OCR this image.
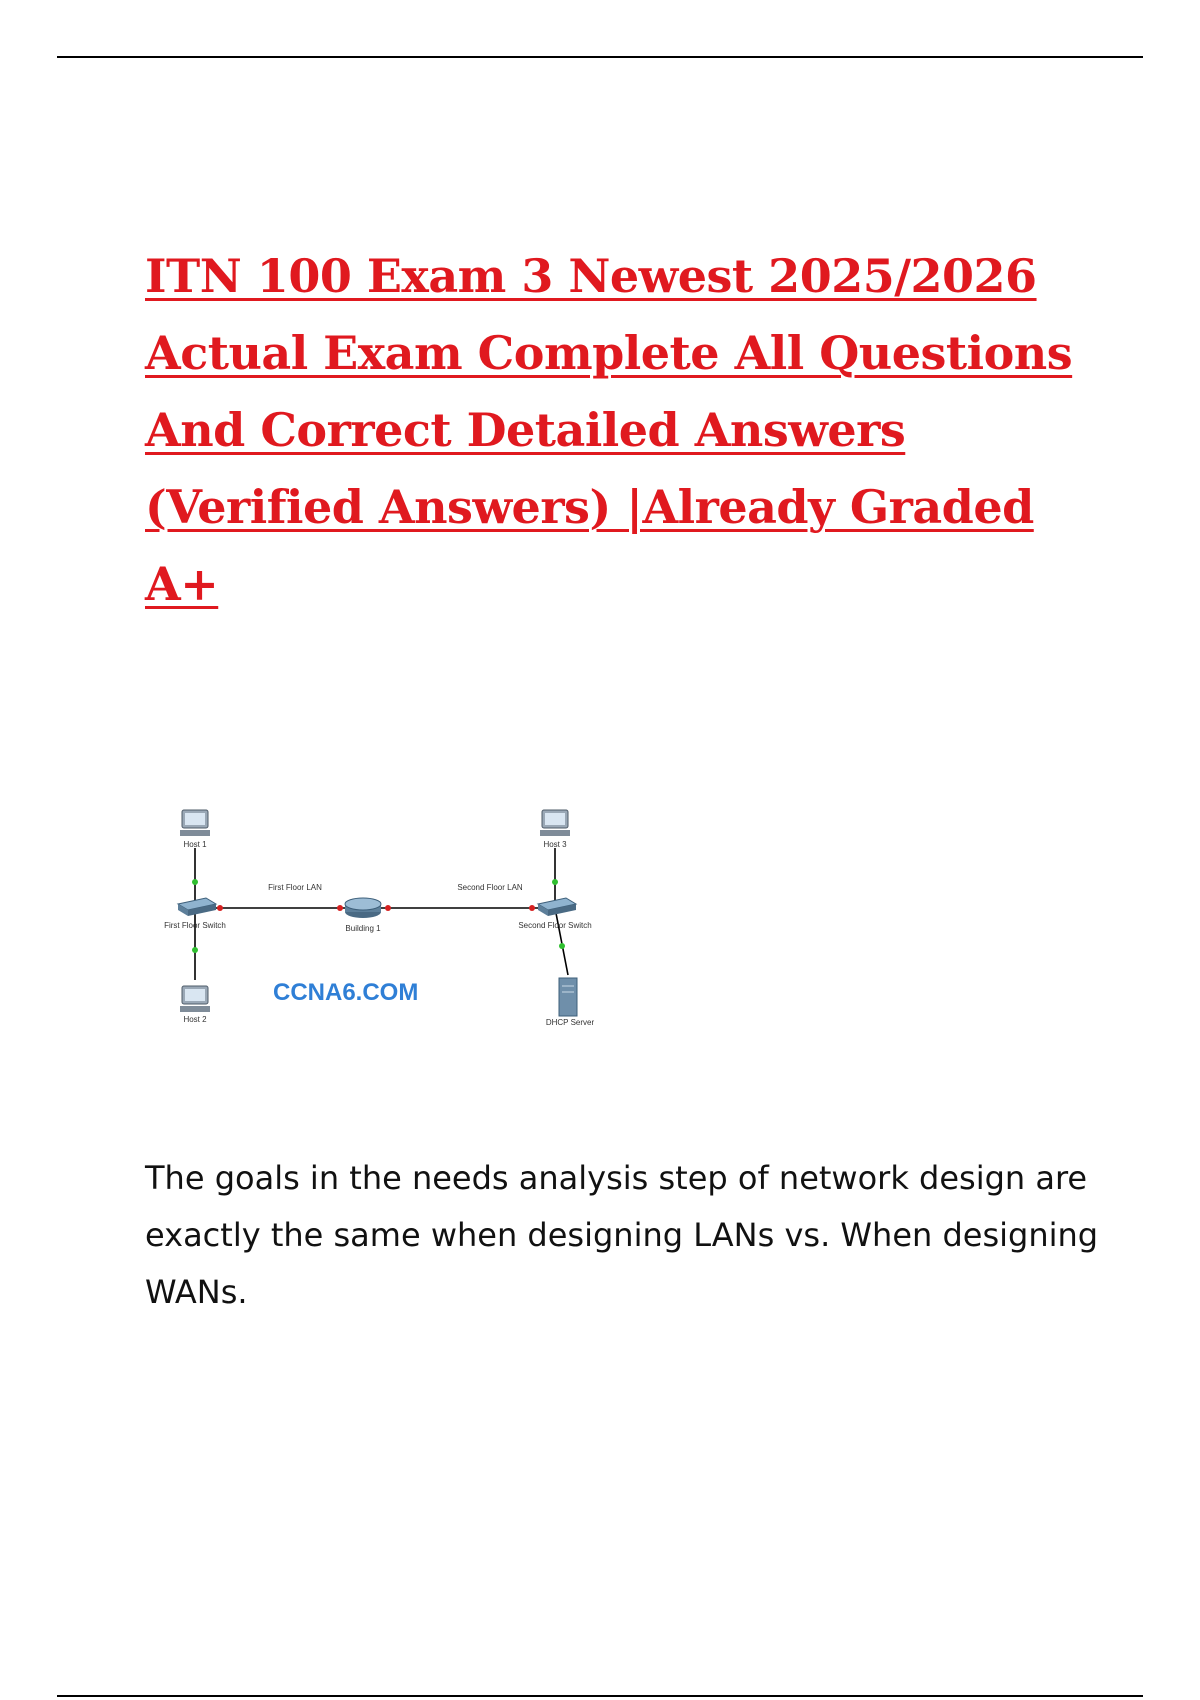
ITN 100 Exam 3 Newest 2025/2026 Actual Exam Complete All Questions And Correct Detailed Answers (Verified Answers) |Already Graded A+
Host 1
Host 2
Host 3
First Floor Switch	Second Floor Switch
Building 1
First Floor LAN	Second Floor LAN
DHCP Server
CCNA6.COM

The goals in the needs analysis step of network design are exactly the same when designing LANs vs. When designing WANs.
